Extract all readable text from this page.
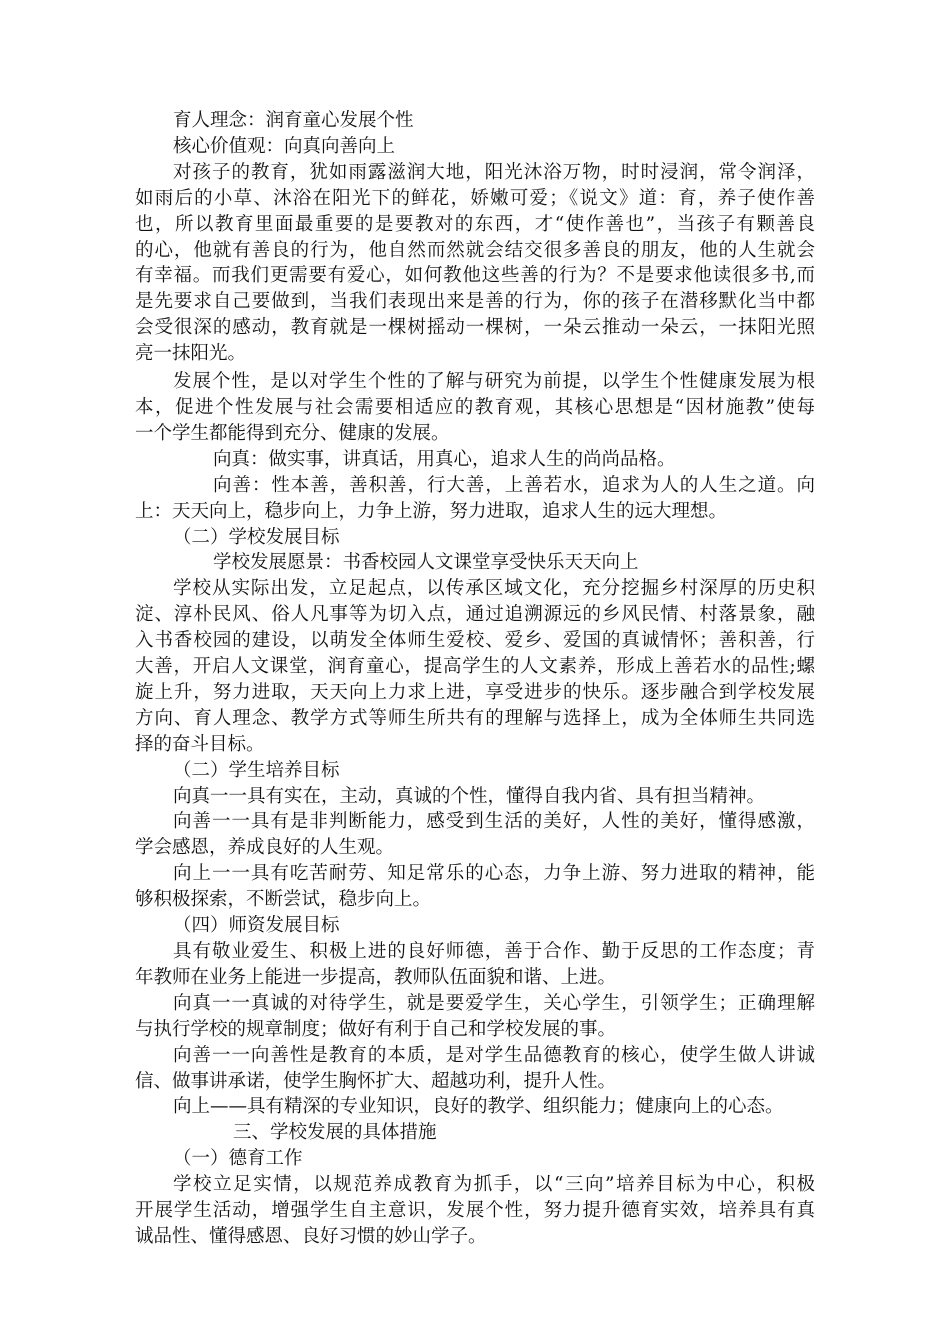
育人理念：润育童心发展个性
核心价值观：向真向善向上
对孩子的教育，犹如雨露滋润大地，阳光沐浴万物，时时浸润，常令润泽，
如雨后的小草、沐浴在阳光下的鲜花，娇嫩可爱；《说文》道：育，养子使作善
也，所以教育里面最重要的是要教对的东西，才“使作善也”，当孩子有颗善良
的心，他就有善良的行为，他自然而然就会结交很多善良的朋友，他的人生就会
有幸福。而我们更需要有爱心，如何教他这些善的行为？不是要求他读很多书,而
是先要求自己要做到，当我们表现出来是善的行为，你的孩子在潜移默化当中都
会受很深的感动，教育就是一棵树摇动一棵树，一朵云推动一朵云，一抹阳光照
亮一抹阳光。
发展个性，是以对学生个性的了解与研究为前提，以学生个性健康发展为根
本，促进个性发展与社会需要相适应的教育观，其核心思想是“因材施教”使每
一个学生都能得到充分、健康的发展。
向真：做实事，讲真话，用真心，追求人生的尚尚品格。
向善：性本善，善积善，行大善，上善若水，追求为人的人生之道。向
上：天天向上，稳步向上，力争上游，努力进取，追求人生的远大理想。
（二）学校发展目标
学校发展愿景：书香校园人文课堂享受快乐天天向上
学校从实际出发，立足起点，以传承区域文化，充分挖掘乡村深厚的历史积
淀、淳朴民风、俗人凡事等为切入点，通过追溯源远的乡风民情、村落景象，融
入书香校园的建设，以萌发全体师生爱校、爱乡、爱国的真诚情怀；善积善，行
大善，开启人文课堂，润育童心，提高学生的人文素养，形成上善若水的品性;螺
旋上升，努力进取，天天向上力求上进，享受进步的快乐。逐步融合到学校发展
方向、育人理念、教学方式等师生所共有的理解与选择上，成为全体师生共同选
择的奋斗目标。
（二）学生培养目标
向真一一具有实在，主动，真诚的个性，懂得自我内省、具有担当精神。
向善一一具有是非判断能力，感受到生活的美好，人性的美好，懂得感激，
学会感恩，养成良好的人生观。
向上一一具有吃苦耐劳、知足常乐的心态，力争上游、努力进取的精神，能
够积极探索，不断尝试，稳步向上。
（四）师资发展目标
具有敬业爱生、积极上进的良好师德，善于合作、勤于反思的工作态度；青
年教师在业务上能进一步提高，教师队伍面貌和谐、上进。
向真一一真诚的对待学生，就是要爱学生，关心学生，引领学生；正确理解
与执行学校的规章制度；做好有利于自己和学校发展的事。
向善一一向善性是教育的本质，是对学生品德教育的核心，使学生做人讲诚
信、做事讲承诺，使学生胸怀扩大、超越功利，提升人性。
向上——具有精深的专业知识，良好的教学、组织能力；健康向上的心态。
三、学校发展的具体措施
（一）德育工作
学校立足实情，以规范养成教育为抓手，以“三向”培养目标为中心，积极
开展学生活动，增强学生自主意识，发展个性，努力提升德育实效，培养具有真
诚品性、懂得感恩、良好习惯的妙山学子。
